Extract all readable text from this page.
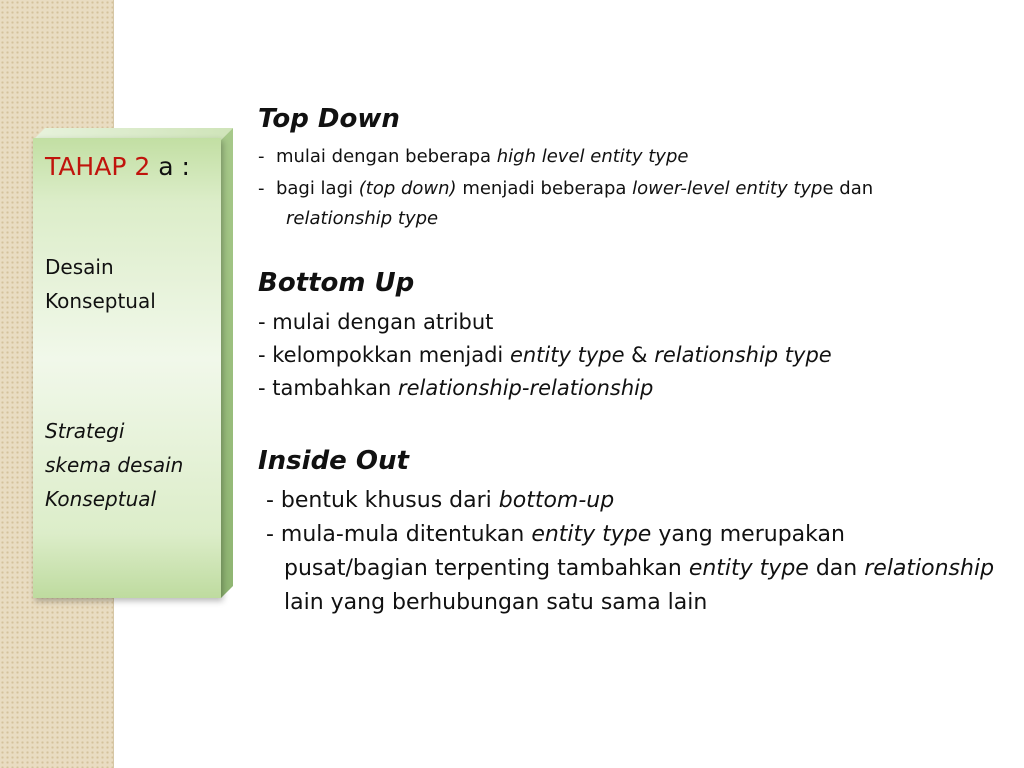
TAHAP 2 a :
Desain
Konseptual
Strategi
skema desain
Konseptual
Top Down
- mulai dengan beberapa high level entity type
- bagi lagi (top down) menjadi beberapa lower-level entity type dan
relationship type
Bottom Up
- mulai dengan atribut
- kelompokkan menjadi entity type & relationship type
- tambahkan relationship-relationship
Inside Out
- bentuk khusus dari bottom-up
- mula-mula ditentukan entity type yang merupakan
pusat/bagian terpenting tambahkan entity type dan relationship
lain yang berhubungan satu sama lain
